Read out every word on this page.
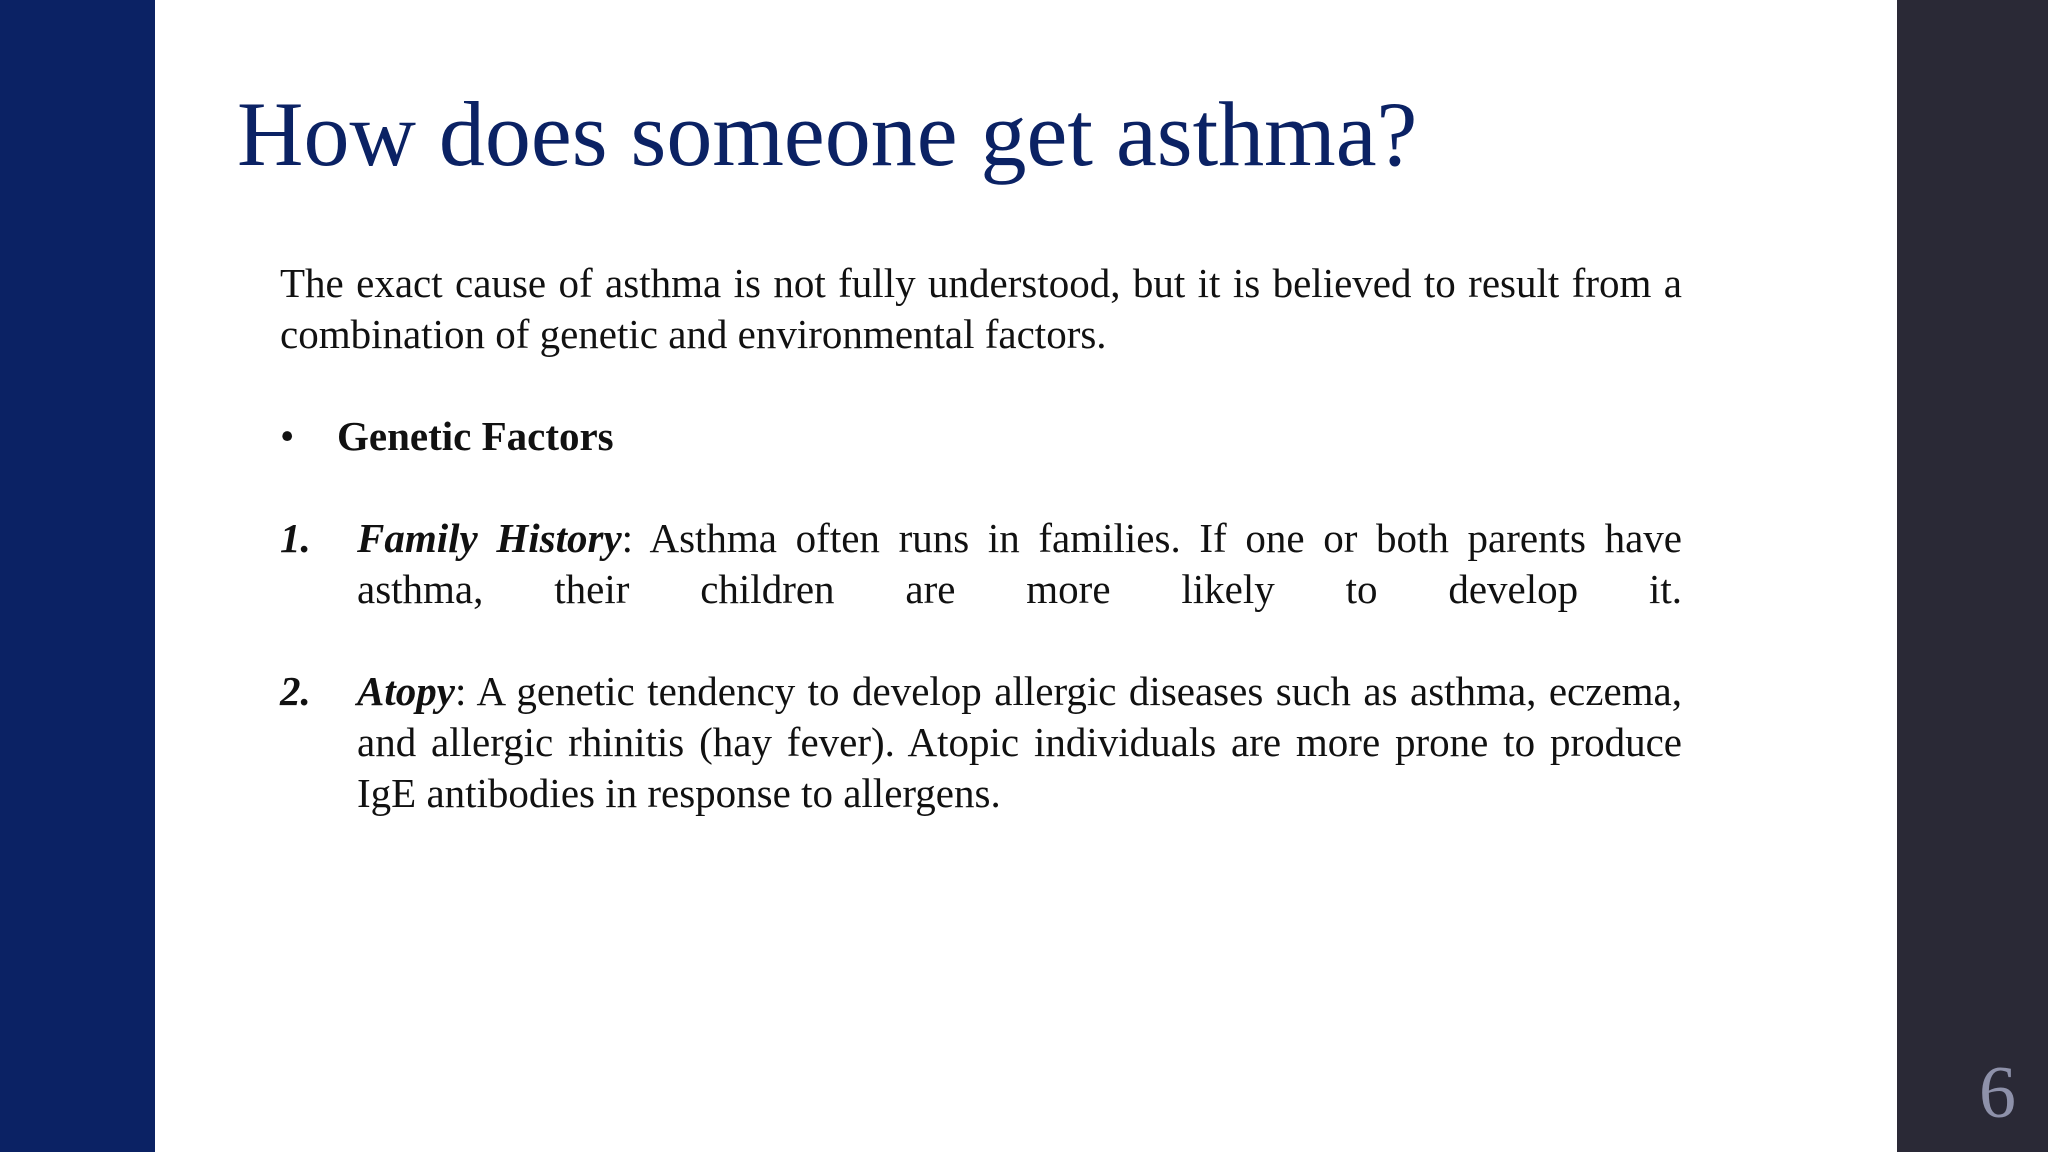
6
How does someone get asthma?

The exact cause of asthma is not fully understood, but it is believed to result from a combination of genetic and environmental factors.

•	Genetic Factors
1.	Family History: Asthma often runs in families. If one or both parents have asthma, their children are more likely to develop it.
2.	Atopy: A genetic tendency to develop allergic diseases such as asthma, eczema, and allergic rhinitis (hay fever). Atopic individuals are more prone to produce IgE antibodies in response to allergens.
